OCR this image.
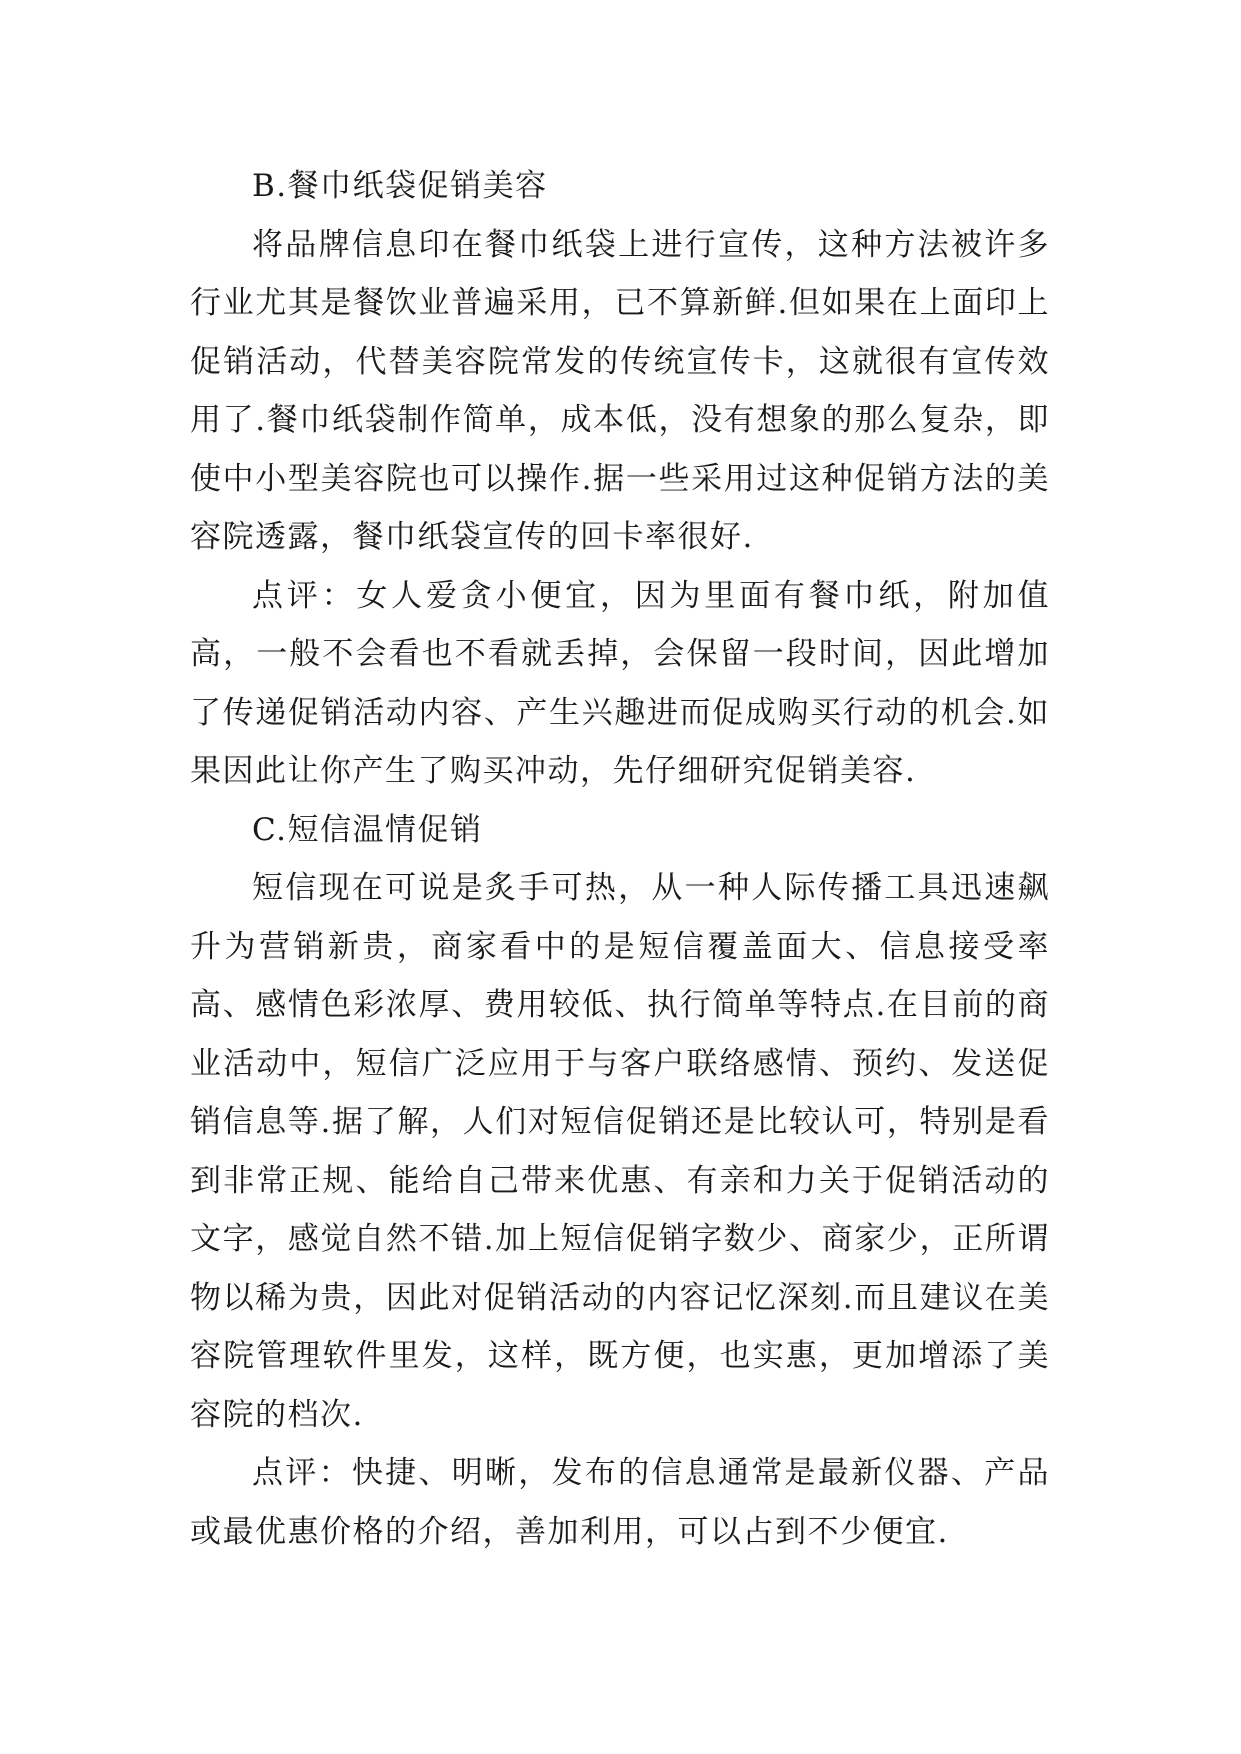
B.餐巾纸袋促销美容

将品牌信息印在餐巾纸袋上进行宣传，这种方法被许多行业尤其是餐饮业普遍采用，已不算新鲜.但如果在上面印上促销活动，代替美容院常发的传统宣传卡，这就很有宣传效用了.餐巾纸袋制作简单，成本低，没有想象的那么复杂，即使中小型美容院也可以操作.据一些采用过这种促销方法的美容院透露，餐巾纸袋宣传的回卡率很好.

点评：女人爱贪小便宜，因为里面有餐巾纸，附加值高，一般不会看也不看就丢掉，会保留一段时间，因此增加了传递促销活动内容、产生兴趣进而促成购买行动的机会.如果因此让你产生了购买冲动，先仔细研究促销美容.

C.短信温情促销

短信现在可说是炙手可热，从一种人际传播工具迅速飙升为营销新贵，商家看中的是短信覆盖面大、信息接受率高、感情色彩浓厚、费用较低、执行简单等特点.在目前的商业活动中，短信广泛应用于与客户联络感情、预约、发送促销信息等.据了解，人们对短信促销还是比较认可，特别是看到非常正规、能给自己带来优惠、有亲和力关于促销活动的文字，感觉自然不错.加上短信促销字数少、商家少，正所谓物以稀为贵，因此对促销活动的内容记忆深刻.而且建议在美容院管理软件里发，这样，既方便，也实惠，更加增添了美容院的档次.

点评：快捷、明晰，发布的信息通常是最新仪器、产品或最优惠价格的介绍，善加利用，可以占到不少便宜.
